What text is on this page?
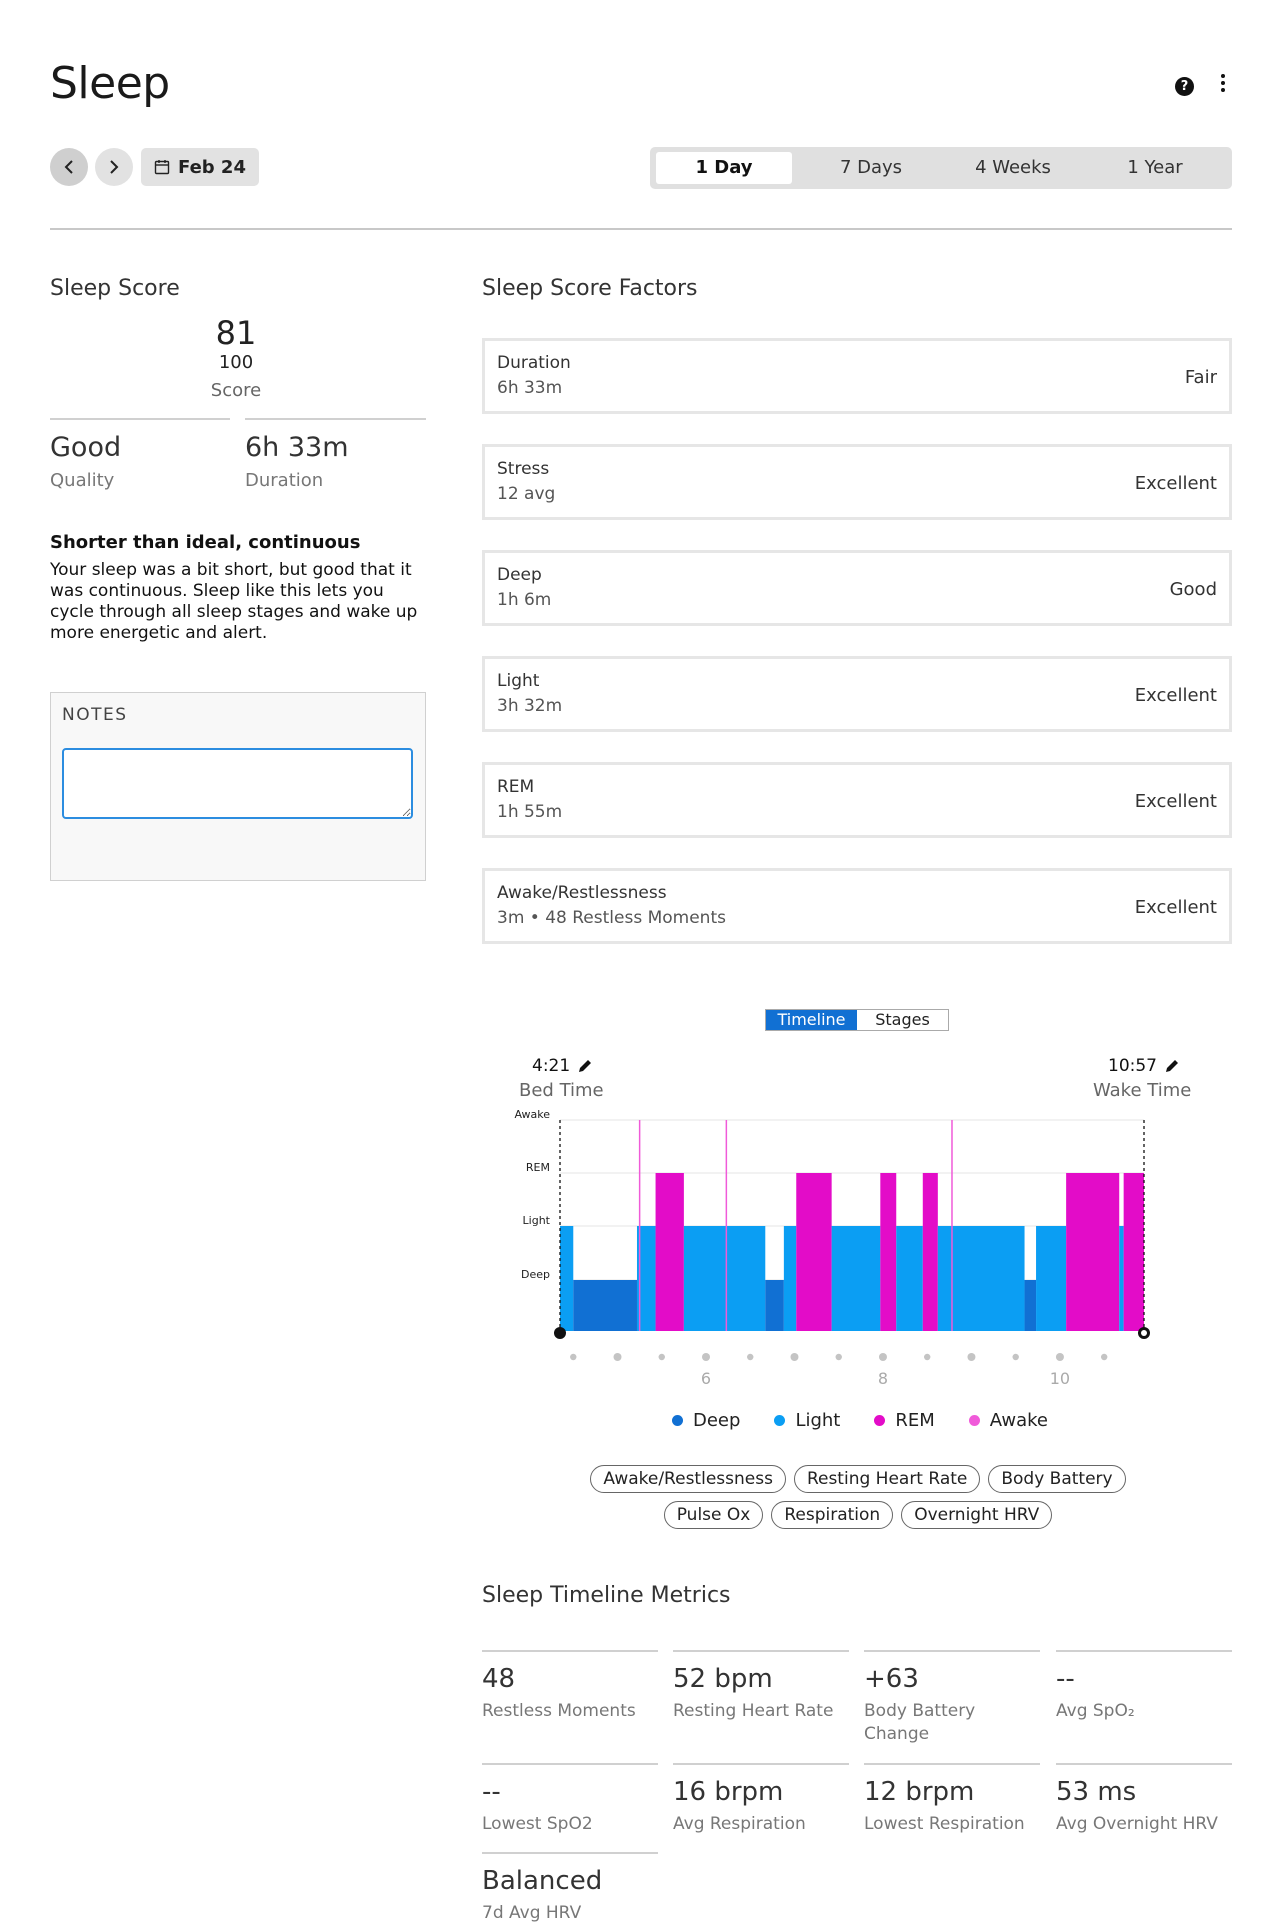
Sleep	?
Feb 24	1 Day	7 Days	4 Weeks	1 Year
Sleep Score
81
100
Score
Good
Quality
6h 33m
Duration
Shorter than ideal, continuous
Your sleep was a bit short, but good that it was continuous. Sleep like this lets you cycle through all sleep stages and wake up more energetic and alert.
NOTES
Sleep Score Factors
Duration
6h 33m	Fair
Stress
12 avg	Excellent
Deep
1h 6m	Good
Light
3h 32m	Excellent
REM
1h 55m	Excellent
Awake/Restlessness
3m • 48 Restless Moments	Excellent
Timeline	Stages
4:21
Bed Time
10:57
Wake Time
Awake
REM
Light
Deep
6	8	10
Deep	Light	REM	Awake
Awake/Restlessness	Resting Heart Rate	Body Battery
Pulse Ox	Respiration	Overnight HRV
Sleep Timeline Metrics
48
Restless Moments
52 bpm
Resting Heart Rate
+63
Body Battery Change
--
Avg SpO₂
--
Lowest SpO2
16 brpm
Avg Respiration
12 brpm
Lowest Respiration
53 ms
Avg Overnight HRV
Balanced
7d Avg HRV
